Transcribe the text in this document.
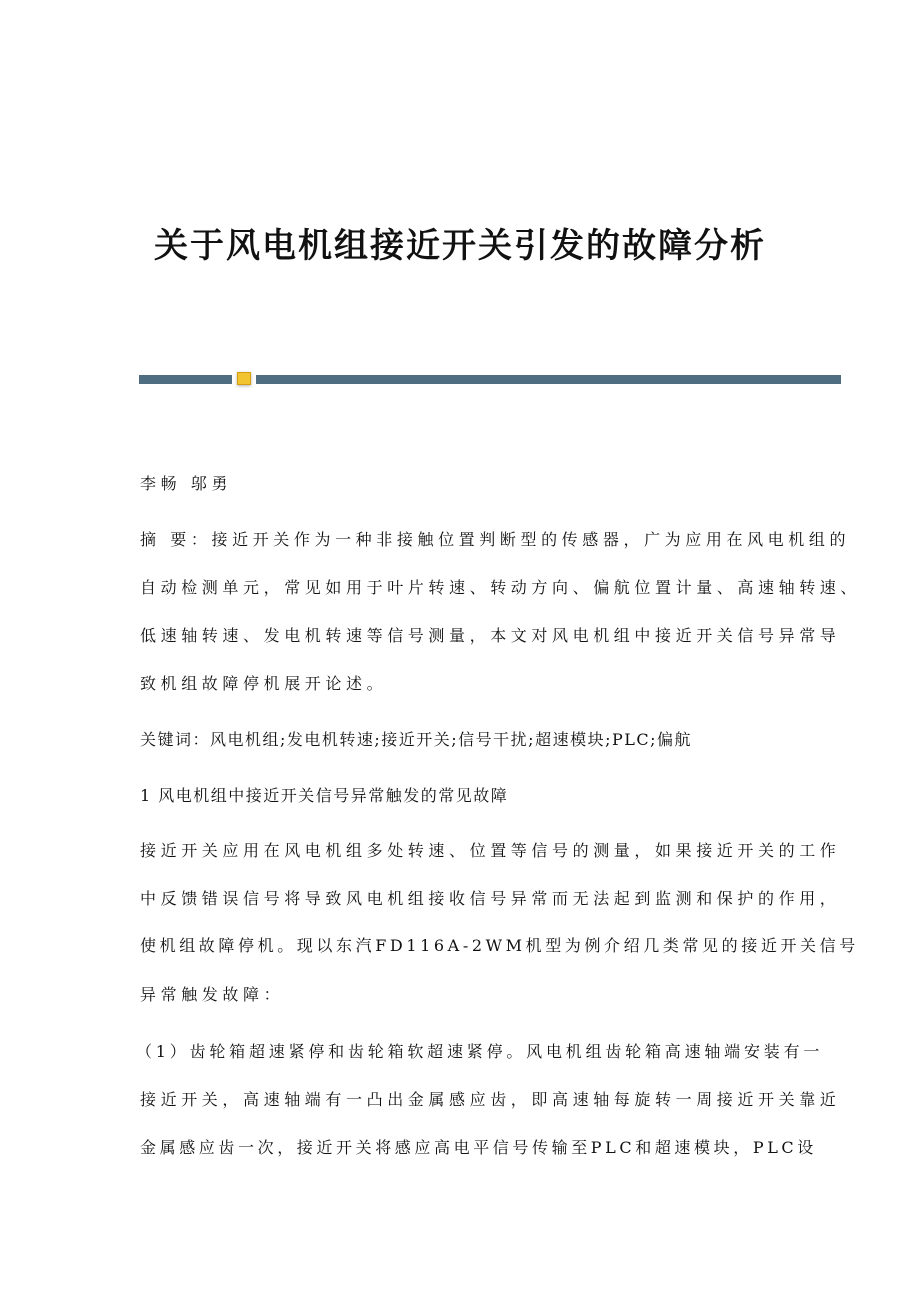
关于风电机组接近开关引发的故障分析
李畅 邬勇
摘 要：接近开关作为一种非接触位置判断型的传感器，广为应用在风电机组的
自动检测单元，常见如用于叶片转速、转动方向、偏航位置计量、高速轴转速、
低速轴转速、发电机转速等信号测量，本文对风电机组中接近开关信号异常导
致机组故障停机展开论述。
关键词：风电机组;发电机转速;接近开关;信号干扰;超速模块;PLC;偏航
1 风电机组中接近开关信号异常触发的常见故障
接近开关应用在风电机组多处转速、位置等信号的测量，如果接近开关的工作
中反馈错误信号将导致风电机组接收信号异常而无法起到监测和保护的作用，
使机组故障停机。现以东汽FD116A-2WM机型为例介绍几类常见的接近开关信号
异常触发故障：
（1）齿轮箱超速紧停和齿轮箱软超速紧停。风电机组齿轮箱高速轴端安装有一
接近开关，高速轴端有一凸出金属感应齿，即高速轴每旋转一周接近开关靠近
金属感应齿一次，接近开关将感应高电平信号传输至PLC和超速模块，PLC设
